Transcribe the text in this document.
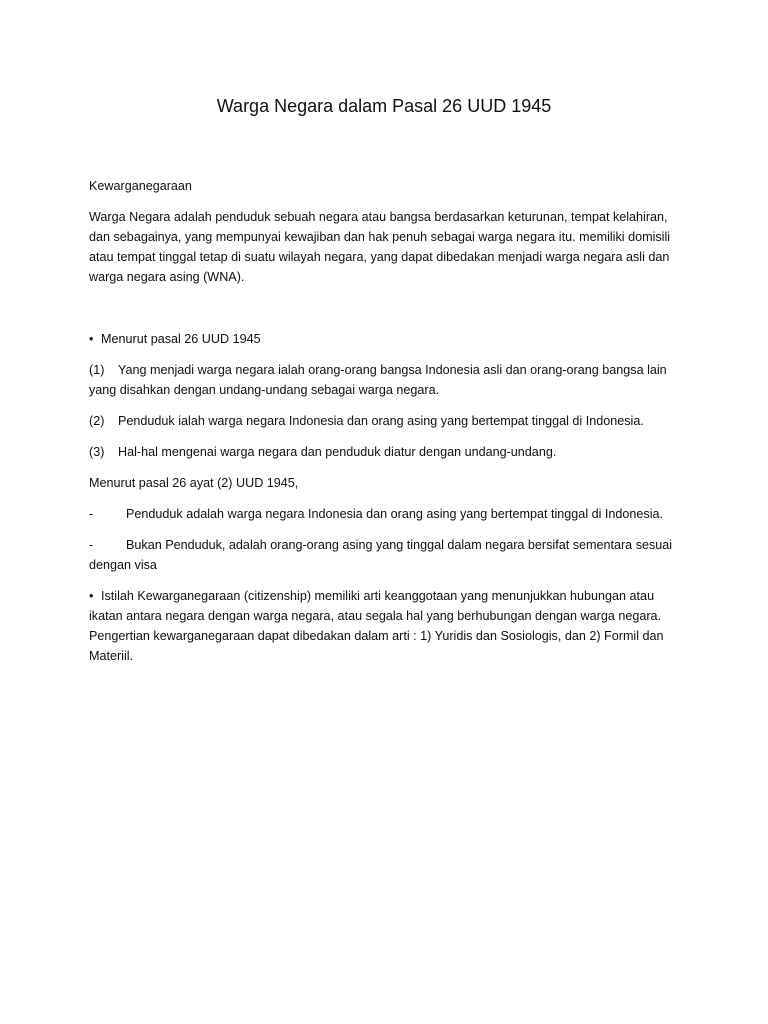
Warga Negara dalam Pasal 26 UUD 1945

Kewarganegaraan

Warga Negara adalah penduduk sebuah negara atau bangsa berdasarkan keturunan, tempat kelahiran, dan sebagainya, yang mempunyai kewajiban dan hak penuh sebagai warga negara itu. memiliki domisili atau tempat tinggal tetap di suatu wilayah negara, yang dapat dibedakan menjadi warga negara asli dan warga negara asing (WNA).

• Menurut pasal 26 UUD 1945

(1) Yang menjadi warga negara ialah orang-orang bangsa Indonesia asli dan orang-orang bangsa lain yang disahkan dengan undang-undang sebagai warga negara.

(2) Penduduk ialah warga negara Indonesia dan orang asing yang bertempat tinggal di Indonesia.

(3) Hal-hal mengenai warga negara dan penduduk diatur dengan undang-undang.

Menurut pasal 26 ayat (2) UUD 1945,

-	Penduduk adalah warga negara Indonesia dan orang asing yang bertempat tinggal di Indonesia.

-	Bukan Penduduk, adalah orang-orang asing yang tinggal dalam negara bersifat sementara sesuai dengan visa

• Istilah Kewarganegaraan (citizenship) memiliki arti keanggotaan yang menunjukkan hubungan atau ikatan antara negara dengan warga negara, atau segala hal yang berhubungan dengan warga negara. Pengertian kewarganegaraan dapat dibedakan dalam arti : 1) Yuridis dan Sosiologis, dan 2) Formil dan Materiil.
